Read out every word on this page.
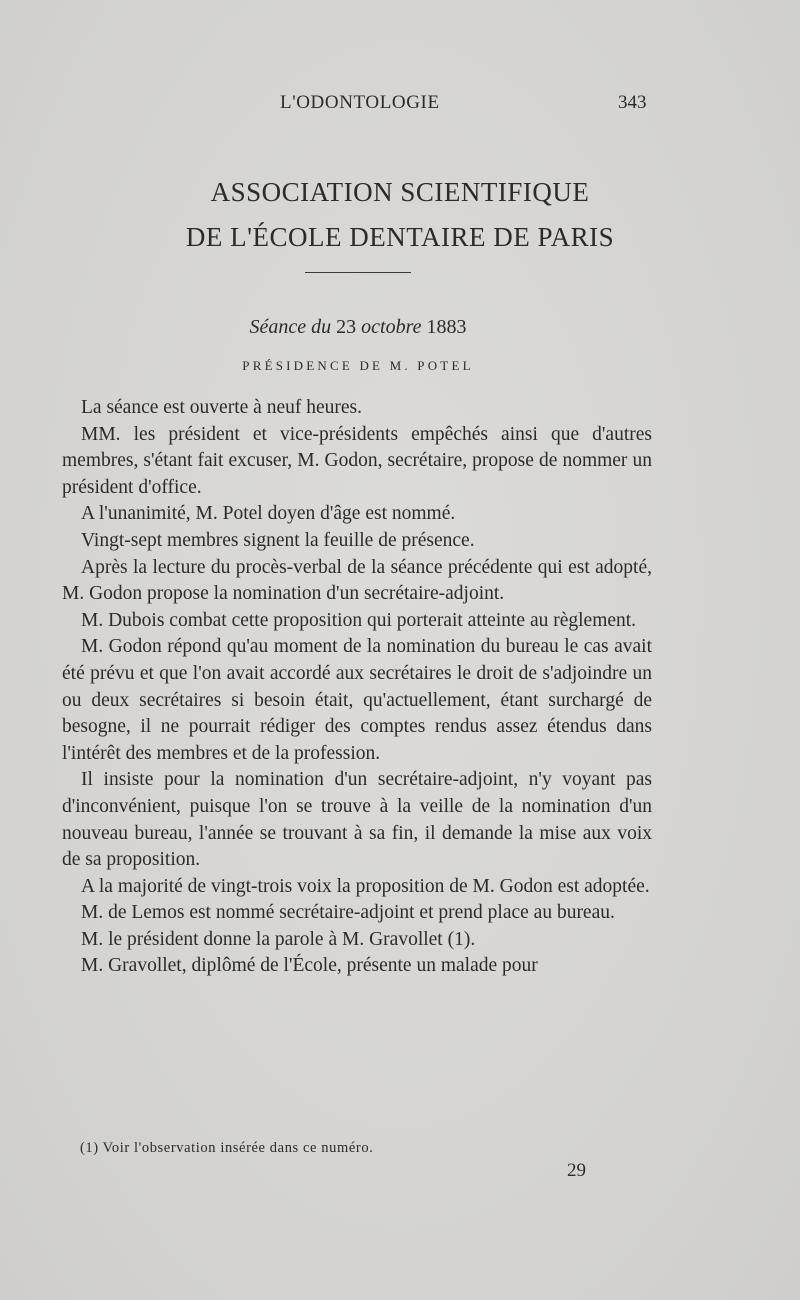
L'ODONTOLOGIE	343
ASSOCIATION SCIENTIFIQUE
DE L'ÉCOLE DENTAIRE DE PARIS
Séance du 23 octobre 1883
PRÉSIDENCE DE M. POTEL

La séance est ouverte à neuf heures.

MM. les président et vice-présidents empêchés ainsi que d'autres membres, s'étant fait excuser, M. Godon, secrétaire, propose de nommer un président d'office.

A l'unanimité, M. Potel doyen d'âge est nommé.

Vingt-sept membres signent la feuille de présence.

Après la lecture du procès-verbal de la séance précédente qui est adopté, M. Godon propose la nomination d'un secrétaire-adjoint.

M. Dubois combat cette proposition qui porterait atteinte au règlement.

M. Godon répond qu'au moment de la nomination du bureau le cas avait été prévu et que l'on avait accordé aux secrétaires le droit de s'adjoindre un ou deux secrétaires si besoin était, qu'actuellement, étant surchargé de besogne, il ne pourrait rédiger des comptes rendus assez étendus dans l'intérêt des membres et de la profession.

Il insiste pour la nomination d'un secrétaire-adjoint, n'y voyant pas d'inconvénient, puisque l'on se trouve à la veille de la nomination d'un nouveau bureau, l'année se trouvant à sa fin, il demande la mise aux voix de sa proposition.

A la majorité de vingt-trois voix la proposition de M. Godon est adoptée.

M. de Lemos est nommé secrétaire-adjoint et prend place au bureau.

M. le président donne la parole à M. Gravollet (1).

M. Gravollet, diplômé de l'École, présente un malade pour

(1) Voir l'observation insérée dans ce numéro.
29
